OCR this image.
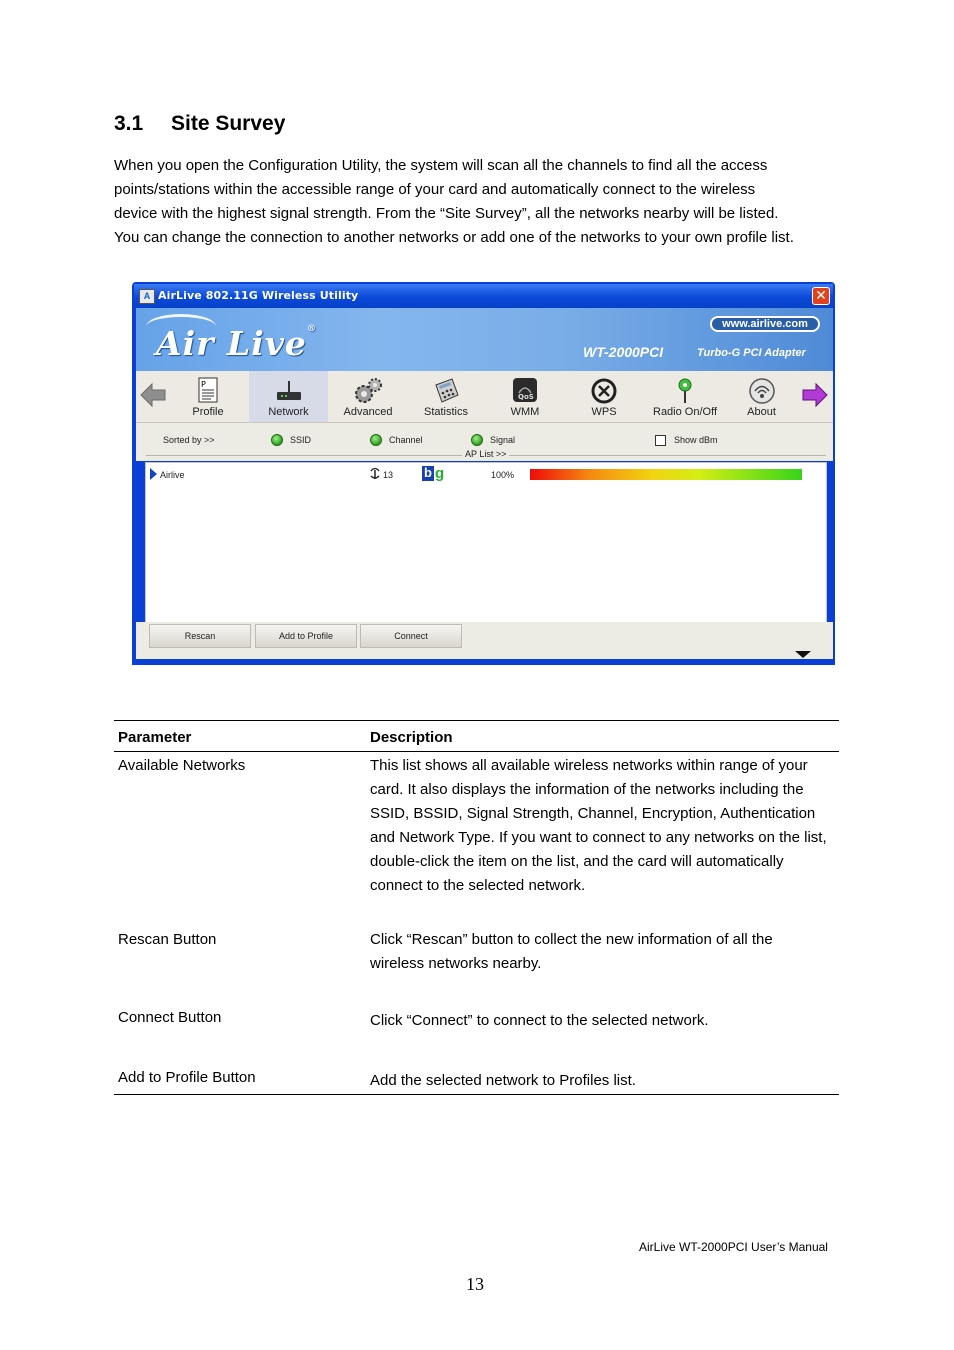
3.1 Site Survey

When you open the Configuration Utility, the system will scan all the channels to find all the access

points/stations within the accessible range of your card and automatically connect to the wireless

device with the highest signal strength. From the “Site Survey”, all the networks nearby will be listed.

You can change the connection to another networks or add one of the networks to your own profile list.

A AirLive 802.11G Wireless Utility	✕
Air Live®	www.airlive.com
WT-2000PCI	Turbo-G PCI Adapter
P
Profile	Network	Advanced	Statistics
QoS
WMM	WPS	Radio On/Off	About
Sorted by >>	SSID	Channel	Signal	Show dBm
AP List >>
Airlive	13 b g	100%
Rescan	Add to Profile	Connect
Parameter	Description
Available Networks	This list shows all available wireless networks within range of your card. It also displays the information of the networks including the SSID, BSSID, Signal Strength, Channel, Encryption, Authentication and Network Type. If you want to connect to any networks on the list, double-click the item on the list, and the card will automatically connect to the selected network.
Rescan Button	Click “Rescan” button to collect the new information of all the wireless networks nearby.
Connect Button	Click “Connect” to connect to the selected network.
Add to Profile Button	Add the selected network to Profiles list.
AirLive WT-2000PCI User’s Manual
13
